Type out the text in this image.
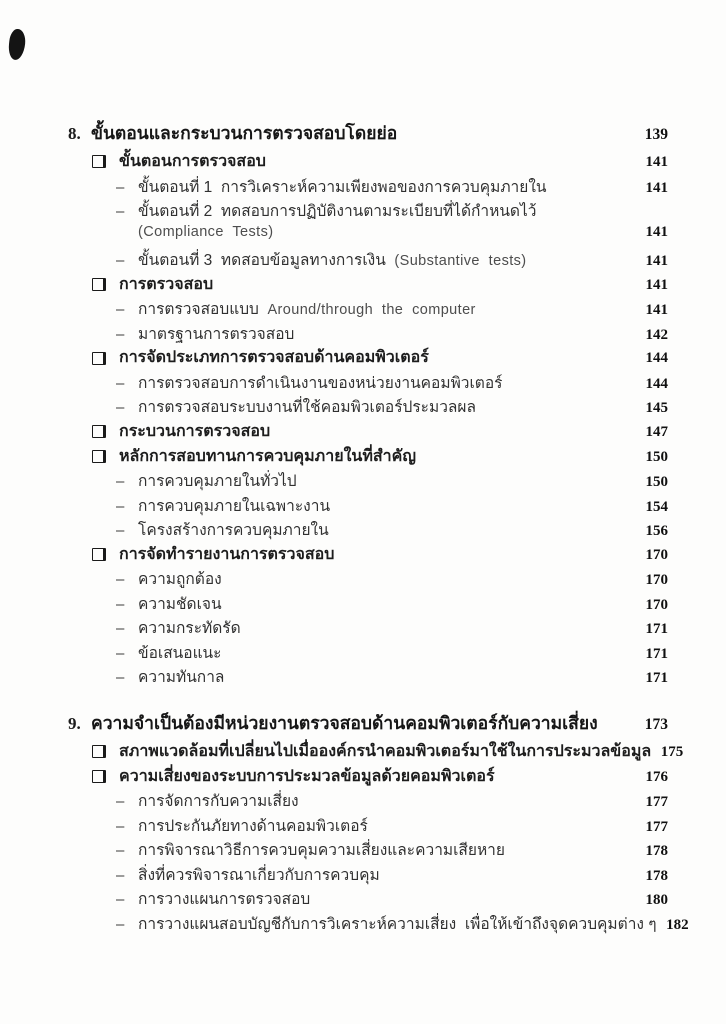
8. ขั้นตอนและกระบวนการตรวจสอบโดยย่อ	139
ขั้นตอนการตรวจสอบ	141
– ขั้นตอนที่ 1  การวิเคราะห์ความเพียงพอของการควบคุมภายใน	141
– ขั้นตอนที่ 2  ทดสอบการปฏิบัติงานตามระเบียบที่ได้กำหนดไว้
(Compliance  Tests)	141
– ขั้นตอนที่ 3  ทดสอบข้อมูลทางการเงิน  (Substantive  tests)	141
การตรวจสอบ	141
– การตรวจสอบแบบ  Around/through  the  computer	141
– มาตรฐานการตรวจสอบ	142
การจัดประเภทการตรวจสอบด้านคอมพิวเตอร์	144
– การตรวจสอบการดำเนินงานของหน่วยงานคอมพิวเตอร์	144
– การตรวจสอบระบบงานที่ใช้คอมพิวเตอร์ประมวลผล	145
กระบวนการตรวจสอบ	147
หลักการสอบทานการควบคุมภายในที่สำคัญ	150
– การควบคุมภายในทั่วไป	150
– การควบคุมภายในเฉพาะงาน	154
– โครงสร้างการควบคุมภายใน	156
การจัดทำรายงานการตรวจสอบ	170
– ความถูกต้อง	170
– ความชัดเจน	170
– ความกระทัดรัด	171
– ข้อเสนอแนะ	171
– ความทันกาล	171
9. ความจำเป็นต้องมีหน่วยงานตรวจสอบด้านคอมพิวเตอร์กับความเสี่ยง	173
สภาพแวดล้อมที่เปลี่ยนไปเมื่อองค์กรนำคอมพิวเตอร์มาใช้ในการประมวลข้อมูล 175
ความเสี่ยงของระบบการประมวลข้อมูลด้วยคอมพิวเตอร์	176
– การจัดการกับความเสี่ยง	177
– การประกันภัยทางด้านคอมพิวเตอร์	177
– การพิจารณาวิธีการควบคุมความเสี่ยงและความเสียหาย	178
– สิ่งที่ควรพิจารณาเกี่ยวกับการควบคุม	178
– การวางแผนการตรวจสอบ	180
– การวางแผนสอบบัญชีกับการวิเคราะห์ความเสี่ยง  เพื่อให้เข้าถึงจุดควบคุมต่าง ๆ 182
